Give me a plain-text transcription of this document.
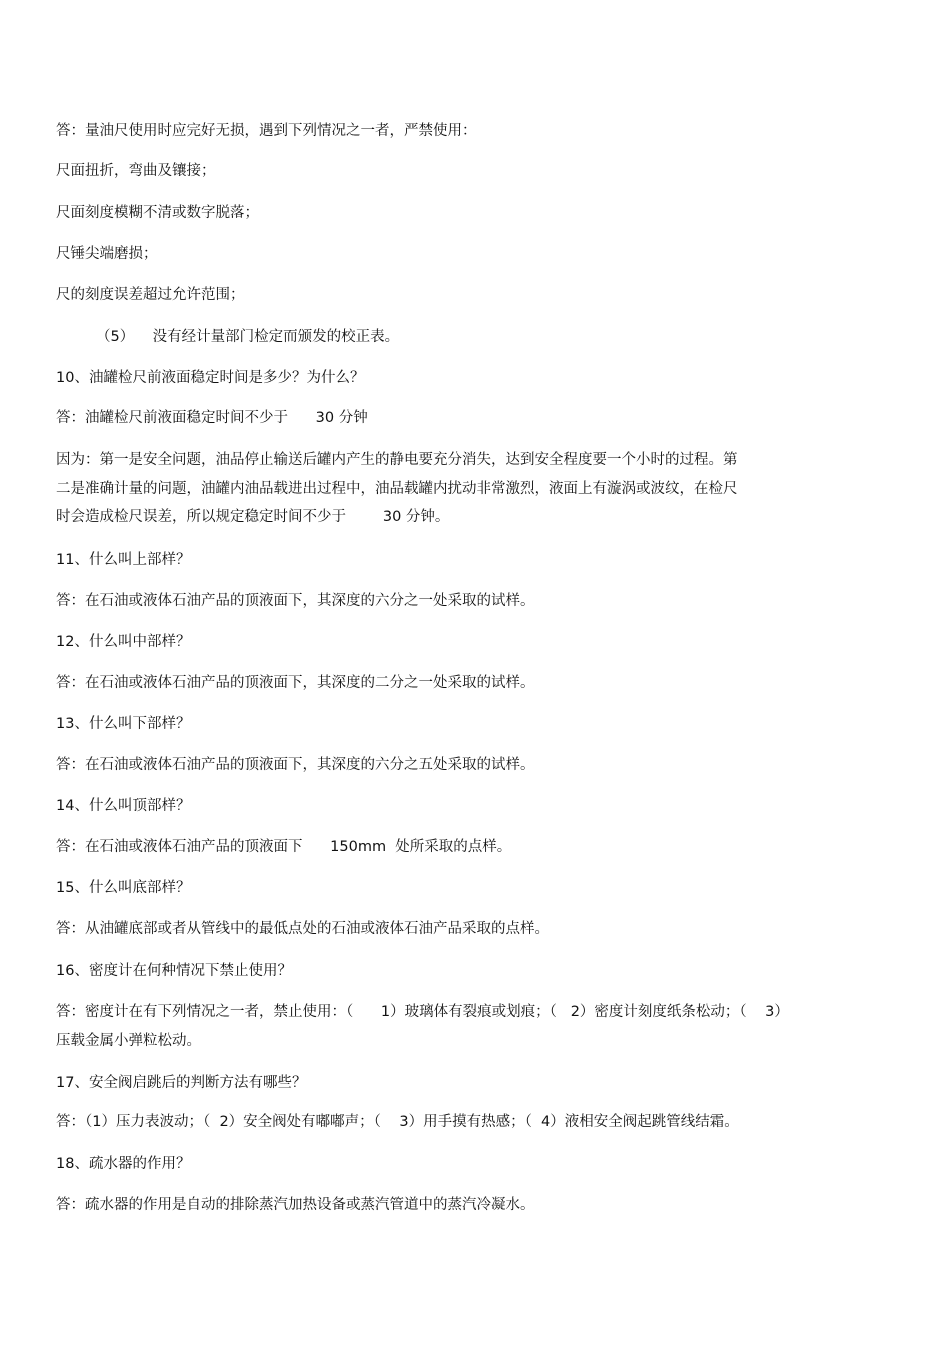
答：量油尺使用时应完好无损，遇到下列情况之一者，严禁使用：
尺面扭折，弯曲及镶接；
尺面刻度模糊不清或数字脱落；
尺锤尖端磨损；
尺的刻度误差超过允许范围；
（5）    没有经计量部门检定而颁发的校正表。
10、油罐检尺前液面稳定时间是多少？为什么？
答：油罐检尺前液面稳定时间不少于      30 分钟
因为：第一是安全问题，油品停止输送后罐内产生的静电要充分消失，达到安全程度要一个小时的过程。第
二是准确计量的问题，油罐内油品载进出过程中，油品载罐内扰动非常激烈，液面上有漩涡或波纹，在检尺
时会造成检尺误差，所以规定稳定时间不少于        30 分钟。
11、什么叫上部样？
答：在石油或液体石油产品的顶液面下，其深度的六分之一处采取的试样。
12、什么叫中部样？
答：在石油或液体石油产品的顶液面下，其深度的二分之一处采取的试样。
13、什么叫下部样？
答：在石油或液体石油产品的顶液面下，其深度的六分之五处采取的试样。
14、什么叫顶部样？
答：在石油或液体石油产品的顶液面下      150mm  处所采取的点样。
15、什么叫底部样？
答：从油罐底部或者从管线中的最低点处的石油或液体石油产品采取的点样。
16、密度计在何种情况下禁止使用？
答：密度计在有下列情况之一者，禁止使用：（      1）玻璃体有裂痕或划痕；（   2）密度计刻度纸条松动；（    3）
压载金属小弹粒松动。
17、安全阀启跳后的判断方法有哪些？
答：（1）压力表波动；（  2）安全阀处有嘟嘟声；（    3）用手摸有热感；（  4）液相安全阀起跳管线结霜。
18、疏水器的作用？
答：疏水器的作用是自动的排除蒸汽加热设备或蒸汽管道中的蒸汽冷凝水。
